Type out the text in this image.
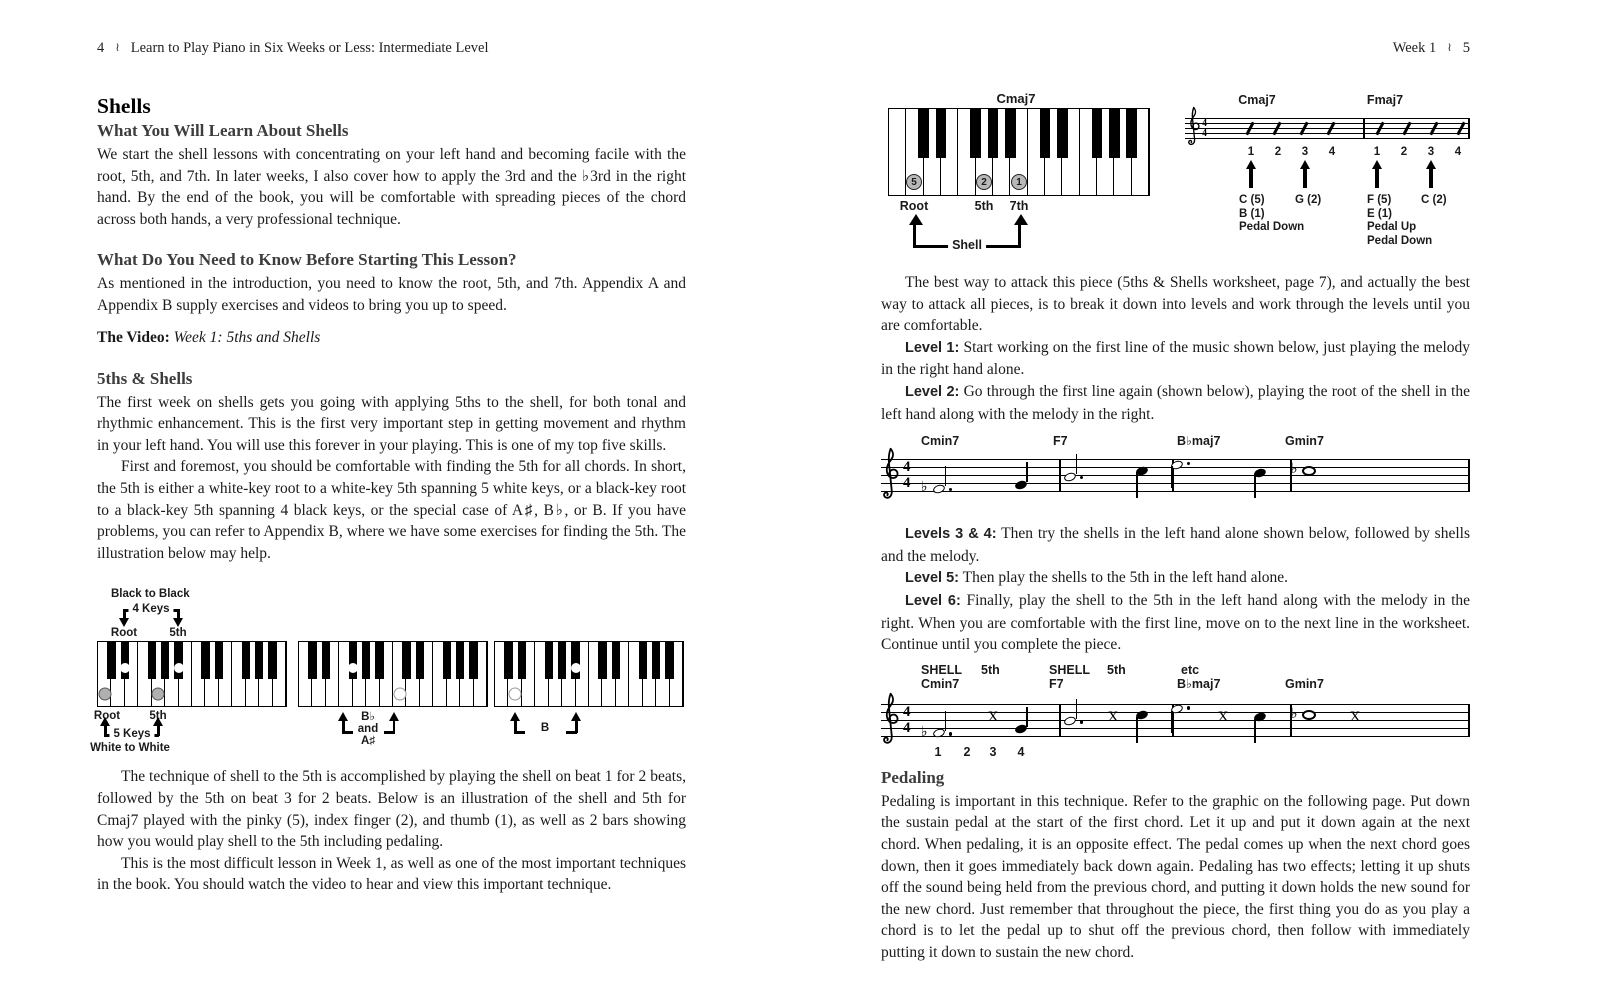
4 ≀ Learn to Play Piano in Six Weeks or Less: Intermediate Level
Shells
What You Will Learn About Shells

We start the shell lessons with concentrating on your left hand and becoming facile with the root, 5th, and 7th. In later weeks, I also cover how to apply the 3rd and the ♭3rd in the right hand. By the end of the book, you will be comfortable with spreading pieces of the chord across both hands, a very professional technique.

What Do You Need to Know Before Starting This Lesson?

As mentioned in the introduction, you need to know the root, 5th, and 7th. Appendix A and Appendix B supply exercises and videos to bring you up to speed.

The Video: Week 1: 5ths and Shells

5ths & Shells

The first week on shells gets you going with applying 5ths to the shell, for both tonal and rhythmic enhancement. This is the first very important step in getting movement and rhythm in your left hand. You will use this forever in your playing. This is one of my top five skills.

First and foremost, you should be comfortable with finding the 5th for all chords. In short, the 5th is either a white-key root to a white-key 5th spanning 5 white keys, or a black-key root to a black-key 5th spanning 4 black keys, or the special case of A♯, B♭, or B. If you have problems, you can refer to Appendix B, where we have some exercises for finding the 5th. The illustration below may help.

Black to Black
4 Keys
Root	5th
Root	5th
5 Keys
White to White
B♭
and
A♯
B

The technique of shell to the 5th is accomplished by playing the shell on beat 1 for 2 beats, followed by the 5th on beat 3 for 2 beats. Below is an illustration of the shell and 5th for Cmaj7 played with the pinky (5), index finger (2), and thumb (1), as well as 2 bars showing how you would play shell to the 5th including pedaling.

This is the most difficult lesson in Week 1, as well as one of the most important techniques in the book. You should watch the video to hear and view this important technique.

Week 1 ≀ 5
Cmaj7
5	2	1
Root	5th 7th
Shell
Cmaj7	Fmaj7
4
4
1 2 3 4	1 2 3 4
C (5)
B (1)
Pedal Down
G (2)	F (5)
E (1)
Pedal Up
Pedal Down
C (2)

The best way to attack this piece (5ths & Shells worksheet, page 7), and actually the best way to attack all pieces, is to break it down into levels and work through the levels until you are comfortable.

Level 1: Start working on the first line of the music shown below, just playing the melody in the right hand alone.

Level 2: Go through the first line again (shown below), playing the root of the shell in the left hand along with the melody in the right.

Cmin7	F7	B♭maj7	Gmin7
4
4 ♭
♭

Levels 3 & 4: Then try the shells in the left hand alone shown below, followed by shells and the melody.

Level 5: Then play the shells to the 5th in the left hand alone.

Level 6: Finally, play the shell to the 5th in the left hand along with the melody in the right. When you are comfortable with the first line, move on to the next line in the worksheet. Continue until you complete the piece.

SHELL 5th	SHELL 5th	etc
Cmin7	F7	B♭maj7	Gmin7
4
4 ♭
X	X	X	♭	X
1 2 3 4
Pedaling

Pedaling is important in this technique. Refer to the graphic on the following page. Put down the sustain pedal at the start of the first chord. Let it up and put it down again at the next chord. When pedaling, it is an opposite effect. The pedal comes up when the next chord goes down, then it goes immediately back down again. Pedaling has two effects; letting it up shuts off the sound being held from the previous chord, and putting it down holds the new sound for the new chord. Just remember that throughout the piece, the first thing you do as you play a chord is to let the pedal up to shut off the previous chord, then follow with immediately putting it down to sustain the new chord.
